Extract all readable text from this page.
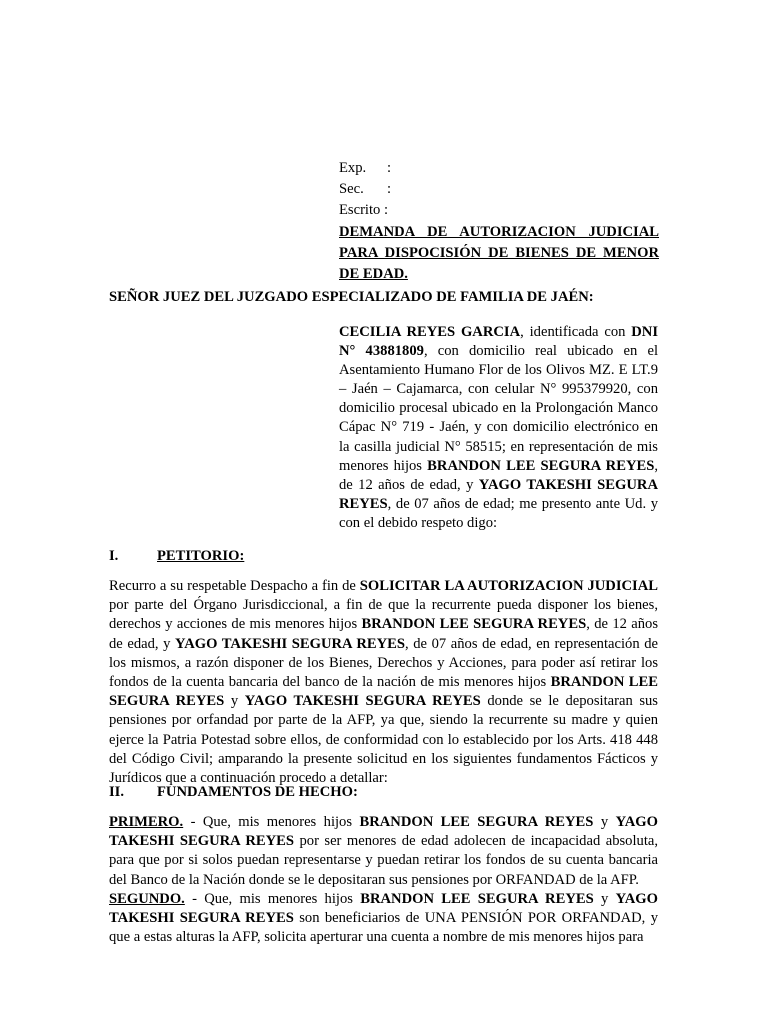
Exp. :
Sec. :
Escrito :
DEMANDA DE AUTORIZACION JUDICIAL PARA DISPOCISIÓN DE BIENES DE MENOR DE EDAD.
SEÑOR JUEZ DEL JUZGADO ESPECIALIZADO DE FAMILIA DE JAÉN:
CECILIA REYES GARCIA, identificada con DNI N° 43881809, con domicilio real ubicado en el Asentamiento Humano Flor de los Olivos MZ. E LT.9 – Jaén – Cajamarca, con celular N° 995379920, con domicilio procesal ubicado en la Prolongación Manco Cápac N° 719 - Jaén, y con domicilio electrónico en la casilla judicial N° 58515; en representación de mis menores hijos BRANDON LEE SEGURA REYES, de 12 años de edad, y YAGO TAKESHI SEGURA REYES, de 07 años de edad; me presento ante Ud. y con el debido respeto digo:
I.	PETITORIO:
Recurro a su respetable Despacho a fin de SOLICITAR LA AUTORIZACION JUDICIAL por parte del Órgano Jurisdiccional, a fin de que la recurrente pueda disponer los bienes, derechos y acciones de mis menores hijos BRANDON LEE SEGURA REYES, de 12 años de edad, y YAGO TAKESHI SEGURA REYES, de 07 años de edad, en representación de los mismos, a razón disponer de los Bienes, Derechos y Acciones, para poder así retirar los fondos de la cuenta bancaria del banco de la nación de mis menores hijos BRANDON LEE SEGURA REYES y YAGO TAKESHI SEGURA REYES donde se le depositaran sus pensiones por orfandad por parte de la AFP, ya que, siendo la recurrente su madre y quien ejerce la Patria Potestad sobre ellos, de conformidad con lo establecido por los Arts. 418 448 del Código Civil; amparando la presente solicitud en los siguientes fundamentos Fácticos y Jurídicos que a continuación procedo a detallar:
II. FUNDAMENTOS DE HECHO:
PRIMERO. - Que, mis menores hijos BRANDON LEE SEGURA REYES y YAGO TAKESHI SEGURA REYES por ser menores de edad adolecen de incapacidad absoluta, para que por si solos puedan representarse y puedan retirar los fondos de su cuenta bancaria del Banco de la Nación donde se le depositaran sus pensiones por ORFANDAD de la AFP.
SEGUNDO. - Que, mis menores hijos BRANDON LEE SEGURA REYES y YAGO TAKESHI SEGURA REYES son beneficiarios de UNA PENSIÓN POR ORFANDAD, y que a estas alturas la AFP, solicita aperturar una cuenta a nombre de mis menores hijos para
